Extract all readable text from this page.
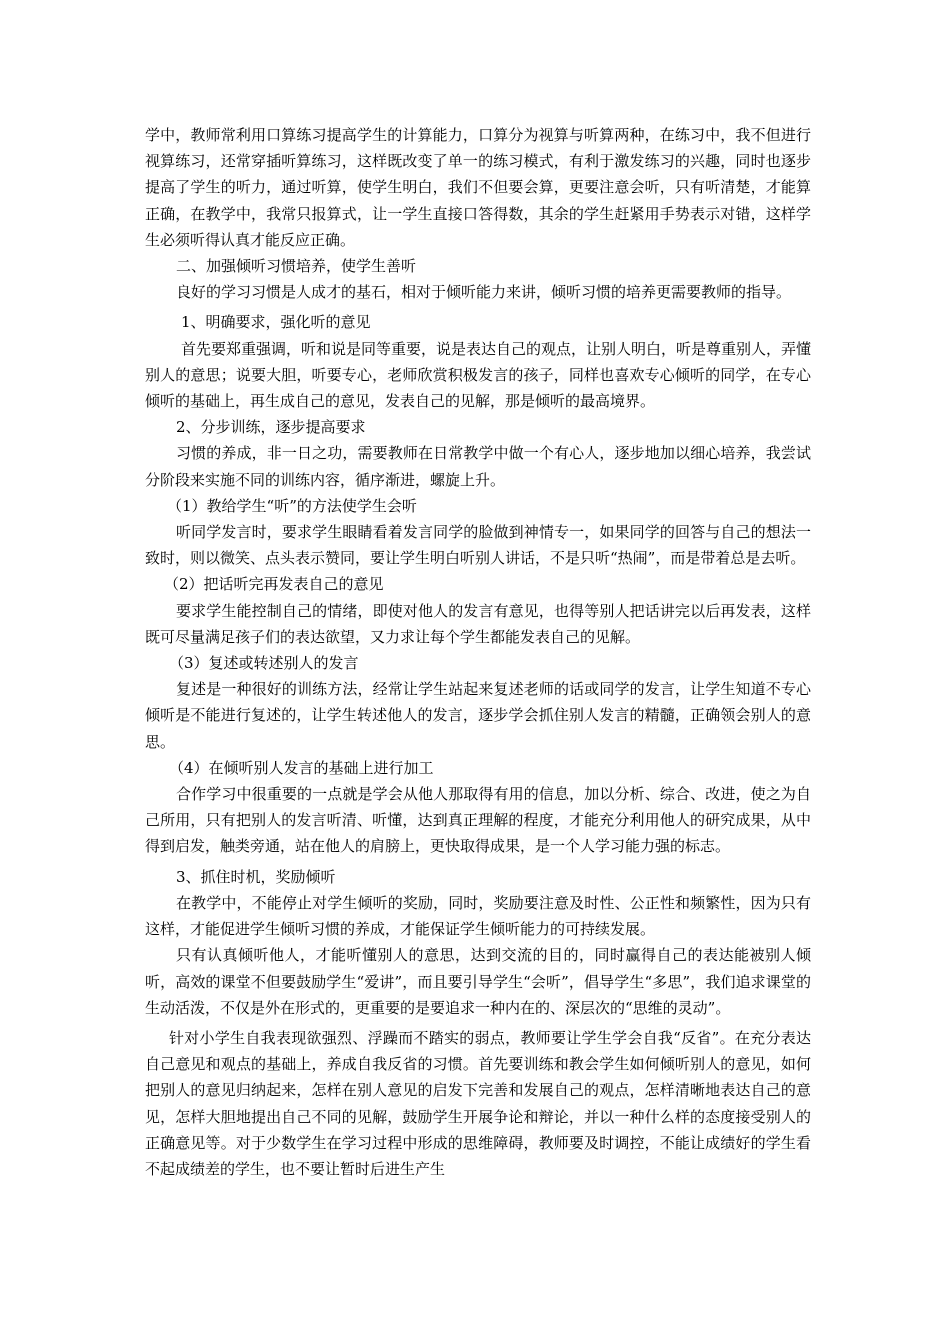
学中，教师常利用口算练习提高学生的计算能力，口算分为视算与听算两种，在练习中，我不但进行视算练习，还常穿插听算练习，这样既改变了单一的练习模式，有利于激发练习的兴趣，同时也逐步提高了学生的听力，通过听算，使学生明白，我们不但要会算，更要注意会听，只有听清楚，才能算正确，在教学中，我常只报算式，让一学生直接口答得数，其余的学生赶紧用手势表示对错，这样学生必须听得认真才能反应正确。

二、加强倾听习惯培养，使学生善听

良好的学习习惯是人成才的基石，相对于倾听能力来讲，倾听习惯的培养更需要教师的指导。

1、明确要求，强化听的意见

首先要郑重强调，听和说是同等重要，说是表达自己的观点，让别人明白，听是尊重别人，弄懂别人的意思；说要大胆，听要专心，老师欣赏积极发言的孩子，同样也喜欢专心倾听的同学，在专心倾听的基础上，再生成自己的意见，发表自己的见解，那是倾听的最高境界。

2、分步训练，逐步提高要求

习惯的养成，非一日之功，需要教师在日常教学中做一个有心人，逐步地加以细心培养，我尝试分阶段来实施不同的训练内容，循序渐进，螺旋上升。

（1）教给学生“听”的方法使学生会听

听同学发言时，要求学生眼睛看着发言同学的脸做到神情专一，如果同学的回答与自己的想法一致时，则以微笑、点头表示赞同，要让学生明白听别人讲话，不是只听“热闹”，而是带着总是去听。

（2）把话听完再发表自己的意见

要求学生能控制自己的情绪，即使对他人的发言有意见，也得等别人把话讲完以后再发表，这样既可尽量满足孩子们的表达欲望，又力求让每个学生都能发表自己的见解。

（3）复述或转述别人的发言

复述是一种很好的训练方法，经常让学生站起来复述老师的话或同学的发言，让学生知道不专心倾听是不能进行复述的，让学生转述他人的发言，逐步学会抓住别人发言的精髓，正确领会别人的意思。

（4）在倾听别人发言的基础上进行加工

合作学习中很重要的一点就是学会从他人那取得有用的信息，加以分析、综合、改进，使之为自己所用，只有把别人的发言听清、听懂，达到真正理解的程度，才能充分利用他人的研究成果，从中得到启发，触类旁通，站在他人的肩膀上，更快取得成果，是一个人学习能力强的标志。

3、抓住时机，奖励倾听

在教学中，不能停止对学生倾听的奖励，同时，奖励要注意及时性、公正性和频繁性，因为只有这样，才能促进学生倾听习惯的养成，才能保证学生倾听能力的可持续发展。

只有认真倾听他人，才能听懂别人的意思，达到交流的目的，同时赢得自己的表达能被别人倾听，高效的课堂不但要鼓励学生“爱讲”，而且要引导学生“会听”，倡导学生“多思”，我们追求课堂的生动活泼，不仅是外在形式的，更重要的是要追求一种内在的、深层次的“思维的灵动”。

针对小学生自我表现欲强烈、浮躁而不踏实的弱点，教师要让学生学会自我“反省”。在充分表达自己意见和观点的基础上，养成自我反省的习惯。首先要训练和教会学生如何倾听别人的意见，如何把别人的意见归纳起来，怎样在别人意见的启发下完善和发展自己的观点，怎样清晰地表达自己的意见，怎样大胆地提出自己不同的见解，鼓励学生开展争论和辩论，并以一种什么样的态度接受别人的正确意见等。对于少数学生在学习过程中形成的思维障碍，教师要及时调控，不能让成绩好的学生看不起成绩差的学生，也不要让暂时后进生产生
